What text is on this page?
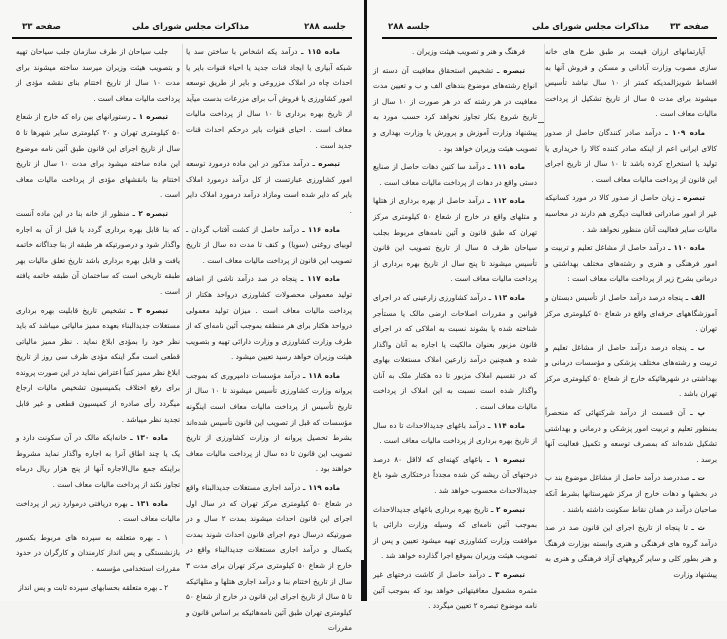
صفحه ۳۳	مذاکرات مجلس شورای ملی	جلسه ۲۸۸

جلب سیاحان از طرف سازمان جلب سیاحان تهیه و بتصویب هیئت وزیران میرسد ساخته میشوند برای مدت ۱۰ سال از تاریخ اختتام بنای نقشه مؤدی از پرداخت مالیات معاف است .

تبصره ۱ ـ رستورانهای بین راه که خارج از شعاع ۵۰ کیلومتری تهران و ۲۰ کیلومتری سایر شهرها تا ۵ سال از تاریخ اجرای این قانون طبق آئین نامه موضوع این ماده ساخته میشود برای مدت ۱۰ سال از تاریخ اختتام بنا بانقشهای مؤدی از پرداخت مالیات معاف است .

تبصره ۲ ـ منظور از خانه بنا در این ماده آنست که بنا قابل بهره برداری گردد یا قبل از آن به اجاره واگذار شود و درصورتیکه هر طبقه از بنا جداگانه خاتمه یافت و قابل بهره برداری باشد تاریخ تعلق مالیات بهر طبقه تاریخی است که ساختمان آن طبقه خاتمه یافته است .

تبصره ۳ ـ تشخیص تاریخ قابلیت بهره برداری مستغلات جدیدالبناء بعهده ممیز مالیاتی میباشد که باید نظر خود را بمؤدی ابلاغ نماید . نظر ممیز مالیاتی قطعی است مگر اینکه مؤدی ظرف سی روز از تاریخ ابلاغ نظر ممیز کتباً اعتراض نماید در این صورت پرونده برای رفع اختلاف بکمیسیون تشخیص مالیات ارجاع میگردد رأی صادره از کمیسیون قطعی و غیر قابل تجدید نظر میباشد .

ماده ۱۳۰ ـ خانه‌ایکه مالک در آن سکونت دارد و یک یا چند اطاق آنرا به اجاره واگذار نماید مشروط براینکه جمع مال‌الاجاره آنها از پنج هزار ریال درماه تجاوز نکند از پرداخت مالیات معاف است .

ماده ۱۳۱ ـ بهره دریافتی درموارد زیر از پرداخت مالیات معاف است .

۱ ـ بهره متعلقه به سپرده های مربوط بکسور بازنشستگی و پس انداز کارمندان و کارگران در حدود مقررات استخدامی مؤسسه .

۲ ـ بهره متعلقه بحسابهای سپرده ثابت و پس انداز

ماده ۱۱۵ ـ درآمد یکه اشخاص با ساختن سد یا شبکه آبیاری یا ایجاد قنات جدید یا احیاء قنوات بایر یا احداث چاه در املاک مزروعی و بایر از طریق توسعه امور کشاورزی یا فروش آب برای مزرعات بدست میآید از تاریخ بهره برداری تا ۱۰ سال از پرداخت مالیات معاف است . احیای قنوات بایر درحکم احداث قنات جدید است .

تبصره ـ درآمد مذکور در این ماده درمورد توسعه امور کشاورزی عبارتست از کل درآمد درمورد املاک بایر که دایر شده است ومازاد درآمد درمورد املاک دایر .

ماده ۱۱۶ ـ درآمد حاصل از کشت آفتاب گردان ـ لوبیای روغنی (سویا) و کنف تا مدت ده سال از تاریخ تصویب این قانون از پرداخت مالیات معاف است .

ماده ۱۱۷ ـ پنجاه در صد درآمد ناشی از اضافه تولید معمولی محصولات کشاورزی درواحد هکتار از پرداخت مالیات معاف است . میزان تولید معمولی درواحد هکتار برای هر منطقه بموجب آئین نامه‌ای که از طرف وزارت کشاورزی و وزارت دارائی تهیه و بتصویب هیئت وزیران خواهد رسید تعیین میشود .

ماده ۱۱۸ ـ درآمد مؤسسات دامپروری که بموجب پروانه وزارت کشاورزی تأسیس میشوند تا ۱۰ سال از تاریخ تأسیس از پرداخت مالیات معاف است اینگونه مؤسسات که قبل از تصویب این قانون تأسیس شده‌اند بشرط تحصیل پروانه از وزارت کشاورزی از تاریخ تصویب این قانون تا ده سال از پرداخت مالیات معاف خواهند بود .

ماده ۱۱۹ ـ درآمد اجاری مستغلات جدیدالبناء واقع در شعاع ۵۰ کیلومتری مرکز تهران که در سال اول اجرای این قانون احداث میشوند بمدت ۲ سال و در صورتیکه درسال دوم اجرای قانون احداث شوند بمدت یکسال و درآمد اجاری مستغلات جدیدالبناء واقع در خارج از شعاع ۵۰ کیلومتری مرکز تهران برای مدت ۳ سال از تاریخ اختتام بنا و درآمد اجاری هتلها و متلهائیکه تا ۵ سال از تاریخ اجرای این قانون در خارج از شعاع ۵۰ کیلومتری تهران طبق آئین نامه‌هائیکه بر اساس قانون و مقررات

جلسه ۲۸۸	مذاکرات مجلس شورای ملی صفحه ۳۳

فرهنگ و هنر و تصویب هیئت وزیران .

تبصره ـ تشخیص استحقاق معافیت آن دسته از انواع رشته‌های موضوع بندهای الف و ب و تعیین مدت معافیت در هر رشته که در هر صورت از ۱۰ سال از تاریخ شروع بکار تجاوز نخواهد کرد حسب مورد به پیشنهاد وزارت آموزش و پرورش یا وزارت بهداری و تصویب هیئت وزیران خواهد بود .

ماده ۱۱۱ ـ درآمد سا کنین دهات حاصل از صنایع دستی واقع در دهات از پرداخت مالیات معاف است .

ماده ۱۱۲ ـ درآمد حاصل از بهره برداری از هتلها و متلهای واقع در خارج از شعاع ۵۰ کیلومتری مرکز تهران که طبق قانون و آئین نامه‌های مربوط بجلب سیاحان ظرف ۵ سال از تاریخ تصویب این قانون تأسیس میشوند تا پنج سال از تاریخ بهره برداری از پرداخت مالیات معاف است .

ماده ۱۱۳ ـ درآمد کشاورزی زارعینی که در اجرای قوانین و مقررات اصلاحات ارضی مالک یا مستأجر شناخته شده یا بشوند نسبت به املاکی که در اجرای قانون مزبور بعنوان مالکیت یا اجاره به آنان واگذار شده و همچنین درآمد زارعین املاک مستغلات بهاوی که در تقسیم املاک مزبور تا ده هکتار ملک به آنان واگذار شده است نسبت به این املاک از پرداخت مالیات معاف است .

ماده ۱۱۴ ـ درآمد باغهای جدیدالاحداث تا ده سال از تاریخ بهره برداری از پرداخت مالیات معاف است .

تبصره ۱ ـ باغهای کهنه‌ای که لااقل ۸۰ درصد درختهای آن ریشه کن شده مجدداً درختکاری شود باغ جدیدالاحداث محسوب خواهد شد .

تبصره ۲ ـ تاریخ بهره برداری باغهای جدیدالاحداث بموجب آئین نامه‌ای که وسیله وزارت دارائی با موافقت وزارت کشاورزی تهیه میشود تعیین و پس از تصویب هیئت وزیران بموقع اجرا گذارده خواهد شد .

تبصره ۳ ـ درآمد حاصل از کاشت درختهای غیر مثمره مشمول معافیتهائی خواهد بود که بموجب آئین نامه موضوع تبصره ۲ تعیین میگردد .

آپارتمانهای ارزان قیمت بر طبق طرح های خانه سازی مصوب وزارت آبادانی و مسکن و فروش آنها به اقساط شویزالمدیکه کمتر از ۱۰ سال نباشد تأسیس میشوند برای مدت ۵ سال از تاریخ تشکیل از پرداخت مالیات معاف است .

ماده ۱۰۹ ـ درآمد صادر کنندگان حاصل از صدور کالای ایرانی اعم از اینکه صادر کننده کالا را خریداری یا تولید یا استخراج کرده باشد تا ۱۰ سال از تاریخ اجرای این قانون از پرداخت مالیات معاف است .

تبصره ـ زیان حاصل از صدور کالا در مورد کسانیکه غیر از امور صادراتی فعالیت دیگری هم دارند در محاسبه مالیات سایر فعالیت آنان منظور نخواهد شد .

ماده ۱۱۰ ـ درآمد حاصل از مشاغل تعلیم و تربیت و امور فرهنگی و هنری و رشته‌های مختلف بهداشتی و درمانی بشرح زیر از پرداخت مالیات معاف است :

الف ـ پنجاه درصد درآمد حاصل از تأسیس دبستان و آموزشگاههای حرفه‌ای واقع در شعاع ۵۰ کیلومتری مرکز تهران .

ب ـ پنجاه درصد درآمد حاصل از مشاغل تعلیم و تربیت و رشته‌های مختلف پزشکی و مؤسسات درمانی و بهداشتی در شهرهائیکه خارج از شعاع ۵۰ کیلومتری مرکز تهران باشد .

پ ـ آن قسمت از درآمد شرکتهائی که منحصراً بمنظور تعلیم و تربیت امور پزشکی و درمانی و بهداشتی تشکیل شده‌اند که بمصرف توسعه و تکمیل فعالیت آنها برسد .

ت ـ صددرصد درآمد حاصل از مشاغل موضوع بند ب در بخشها و دهات خارج از مرکز شهرستانها بشرط آنکه صاحبان درآمد در همان نقاط سکونت داشته باشند .

ث ـ تا پنجاه از تاریخ اجرای این قانون صد در صد درآمد گروه های فرهنگی و هنری وابسته بوزارت فرهنگ و هنر بطور کلی و سایر گروههای آزاد فرهنگی و هنری به پیشنهاد وزارت
